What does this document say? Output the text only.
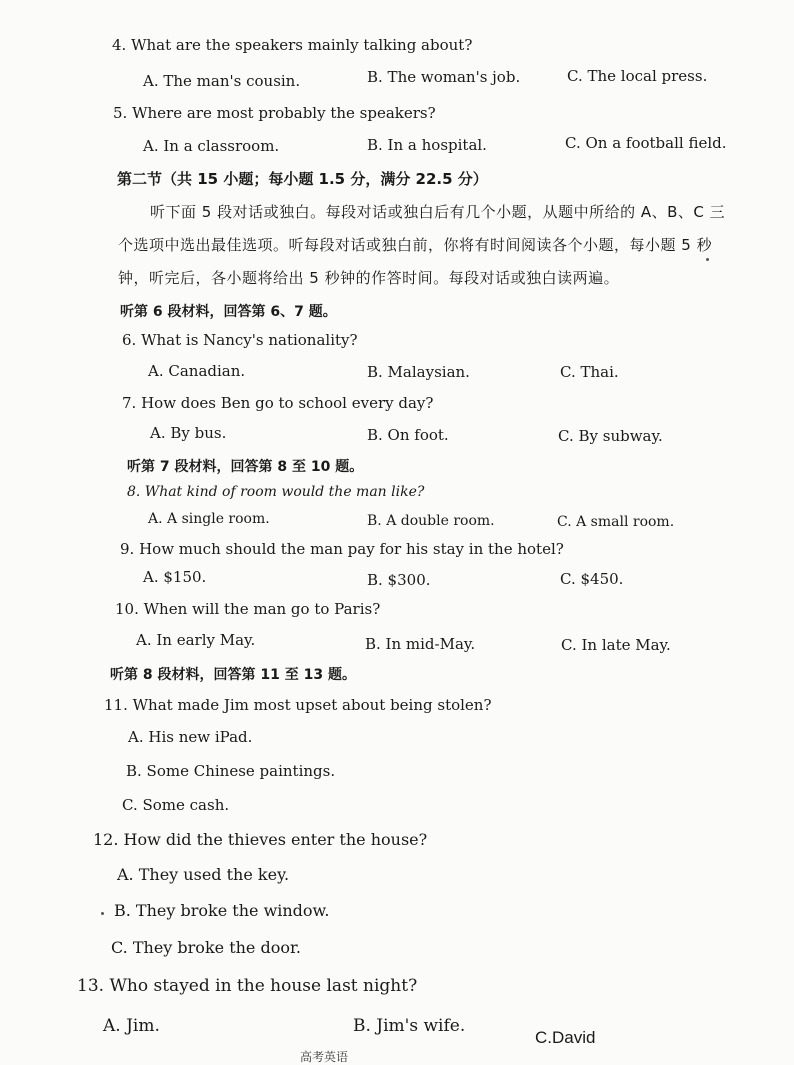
4. What are the speakers mainly talking about?
A. The man's cousin.	B. The woman's job.	C. The local press.
5. Where are most probably the speakers?
A. In a classroom.	B. In a hospital.	C. On a football field.
第二节（共 15 小题；每小题 1.5 分，满分 22.5 分）
听下面 5 段对话或独白。每段对话或独白后有几个小题，从题中所给的 A、B、C 三
个选项中选出最佳选项。听每段对话或独白前，你将有时间阅读各个小题，每小题 5 秒
钟，听完后，各小题将给出 5 秒钟的作答时间。每段对话或独白读两遍。
听第 6 段材料，回答第 6、7 题。
6. What is Nancy's nationality?
A. Canadian.	B. Malaysian.	C. Thai.
7. How does Ben go to school every day?
A. By bus.	B. On foot.	C. By subway.
听第 7 段材料，回答第 8 至 10 题。
8. What kind of room would the man like?
A. A single room.	B. A double room.	C. A small room.
9. How much should the man pay for his stay in the hotel?
A. $150.	B. $300.	C. $450.
10. When will the man go to Paris?
A. In early May.	B. In mid-May.	C. In late May.
听第 8 段材料，回答第 11 至 13 题。
11. What made Jim most upset about being stolen?
A. His new iPad.
B. Some Chinese paintings.
C. Some cash.
12. How did the thieves enter the house?
A. They used the key.
B. They broke the window.
C. They broke the door.
13. Who stayed in the house last night?
A. Jim.	B. Jim's wife.
C.David
高考英语
